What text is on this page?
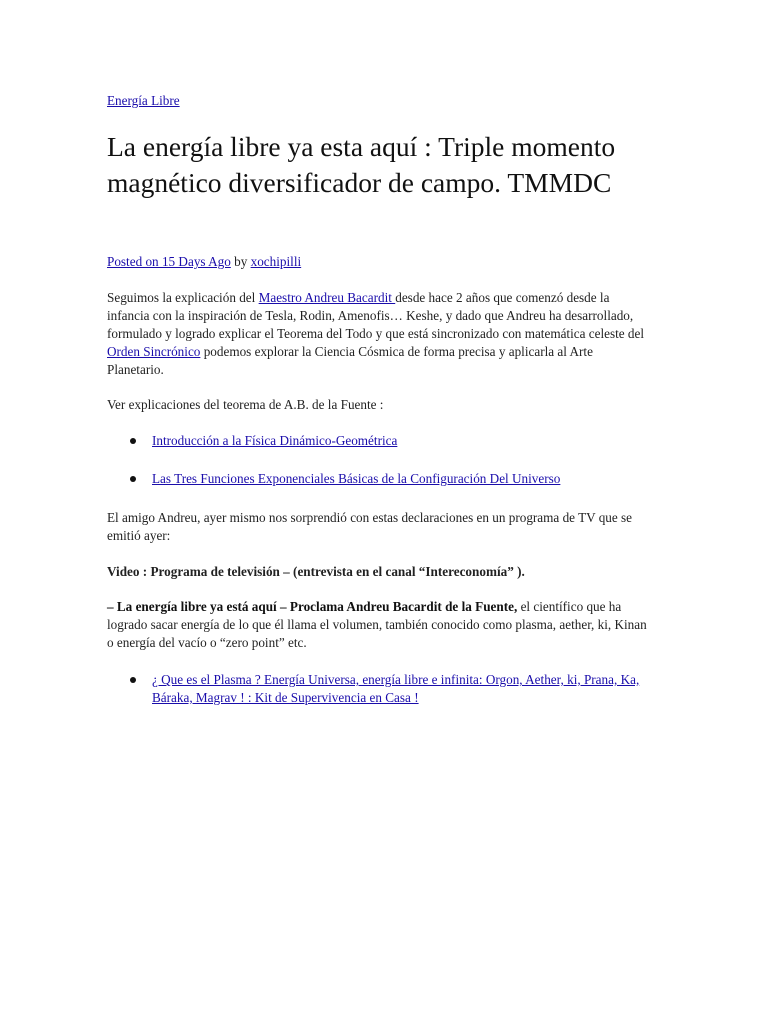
Energía Libre
La energía libre ya esta aquí : Triple momento magnético diversificador de campo. TMMDC
Posted on 15 Days Ago by xochipilli

Seguimos la explicación del Maestro Andreu Bacardit desde hace 2 años que comenzó desde la infancia con la inspiración de Tesla, Rodin, Amenofis… Keshe, y dado que Andreu ha desarrollado, formulado y logrado explicar el Teorema del Todo y que está sincronizado con matemática celeste del Orden Sincrónico podemos explorar la Ciencia Cósmica de forma precisa y aplicarla al Arte Planetario.

Ver explicaciones del teorema de A.B. de la Fuente :

Introducción a la Física Dinámico-Geométrica
Las Tres Funciones Exponenciales Básicas de la Configuración Del Universo

El amigo Andreu, ayer mismo nos sorprendió con estas declaraciones en un programa de TV que se emitió ayer:

Video : Programa de televisión – (entrevista en el canal “Intereconomía” ).

– La energía libre ya está aquí – Proclama Andreu Bacardit de la Fuente, el científico que ha logrado sacar energía de lo que él llama el volumen, también conocido como plasma, aether, ki, Kinan o energía del vacío o “zero point” etc.

¿ Que es el Plasma ? Energía Universa, energía libre e infinita: Orgon, Aether, ki, Prana, Ka, Báraka, Magrav ! : Kit de Supervivencia en Casa !
